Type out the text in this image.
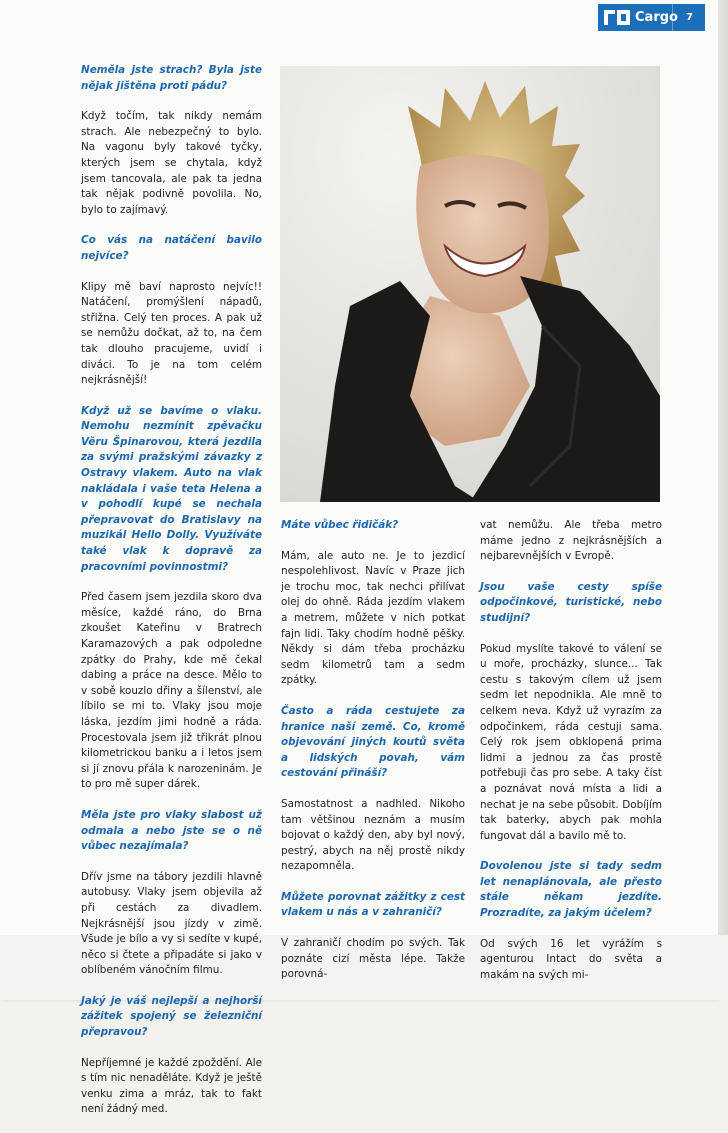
Cargo 7

Neměla jste strach? Byla jste nějak jištěna proti pádu?

Když točím, tak nikdy nemám strach. Ale nebezpečný to bylo. Na vagonu byly takové tyčky, kterých jsem se chytala, když jsem tancovala, ale pak ta jedna tak nějak podivně povolila. No, bylo to zajímavý.

Co vás na natáčení bavilo nejvíce?

Klipy mě baví naprosto nejvíc!! Natáčení, promýšlení nápadů, střižna. Celý ten proces. A pak už se nemůžu dočkat, až to, na čem tak dlouho pracujeme, uvidí i diváci. To je na tom celém nejkrásnější!

Když už se bavíme o vlaku. Nemohu nezmínit zpěvačku Věru Špinarovou, která jezdila za svými pražskými závazky z Ostravy vlakem. Auto na vlak nakládala i vaše teta Helena a v pohodlí kupé se nechala přepravovat do Bratislavy na muzikál Hello Dolly. Využíváte také vlak k dopravě za pracovními povinnostmi?

Před časem jsem jezdila skoro dva měsíce, každé ráno, do Brna zkoušet Kateřinu v Bratrech Karamazových a pak odpoledne zpátky do Prahy, kde mě čekal dabing a práce na desce. Mělo to v sobě kouzlo dřiny a šílenství, ale líbilo se mi to. Vlaky jsou moje láska, jezdím jimi hodně a ráda. Procestovala jsem již třikrát plnou kilometrickou banku a i letos jsem si jí znovu přála k narozeninám. Je to pro mě super dárek.

Měla jste pro vlaky slabost už odmala a nebo jste se o ně vůbec nezajímala?

Dřív jsme na tábory jezdili hlavně autobusy. Vlaky jsem objevila až při cestách za divadlem. Nejkrásnější jsou jízdy v zimě. Všude je bílo a vy si sedíte v kupé, něco si čtete a připadáte si jako v oblíbeném vánočním filmu.

Jaký je váš nejlepší a nejhorší zážitek spojený se železniční přepravou?

Nepříjemné je každé zpoždění. Ale s tím nic nenaděláte. Když je ještě venku zima a mráz, tak to fakt není žádný med.

Máte vůbec řidičák?

Mám, ale auto ne. Je to jezdicí nespolehlivost. Navíc v Praze jich je trochu moc, tak nechci přilívat olej do ohně. Ráda jezdím vlakem a metrem, můžete v nich potkat fajn lidi. Taky chodím hodně pěšky. Někdy si dám třeba procházku sedm kilometrů tam a sedm zpátky.

Často a ráda cestujete za hranice naší země. Co, kromě objevování jiných koutů světa a lidských povah, vám cestování přináší?

Samostatnost a nadhled. Nikoho tam většinou neznám a musím bojovat o každý den, aby byl nový, pestrý, abych na něj prostě nikdy nezapomněla.

Můžete porovnat zážitky z cest vlakem u nás a v zahraničí?

V zahraničí chodím po svých. Tak poznáte cizí města lépe. Takže porovná-

vat nemůžu. Ale třeba metro máme jedno z nejkrásnějších a nejbarevnějších v Evropě.

Jsou vaše cesty spíše odpočinkové, turistické, nebo studijní?

Pokud myslíte takové to válení se u moře, procházky, slunce... Tak cestu s takovým cílem už jsem sedm let nepodnikla. Ale mně to celkem neva. Když už vyrazím za odpočinkem, ráda cestuji sama. Celý rok jsem obklopená prima lidmi a jednou za čas prostě potřebuji čas pro sebe. A taky číst a poznávat nová místa a lidi a nechat je na sebe působit. Dobíjím tak baterky, abych pak mohla fungovat dál a bavilo mě to.

Dovolenou jste si tady sedm let nenaplánovala, ale přesto stále někam jezdíte. Prozradíte, za jakým účelem?

Od svých 16 let vyrážím s agenturou Intact do světa a makám na svých mi-
